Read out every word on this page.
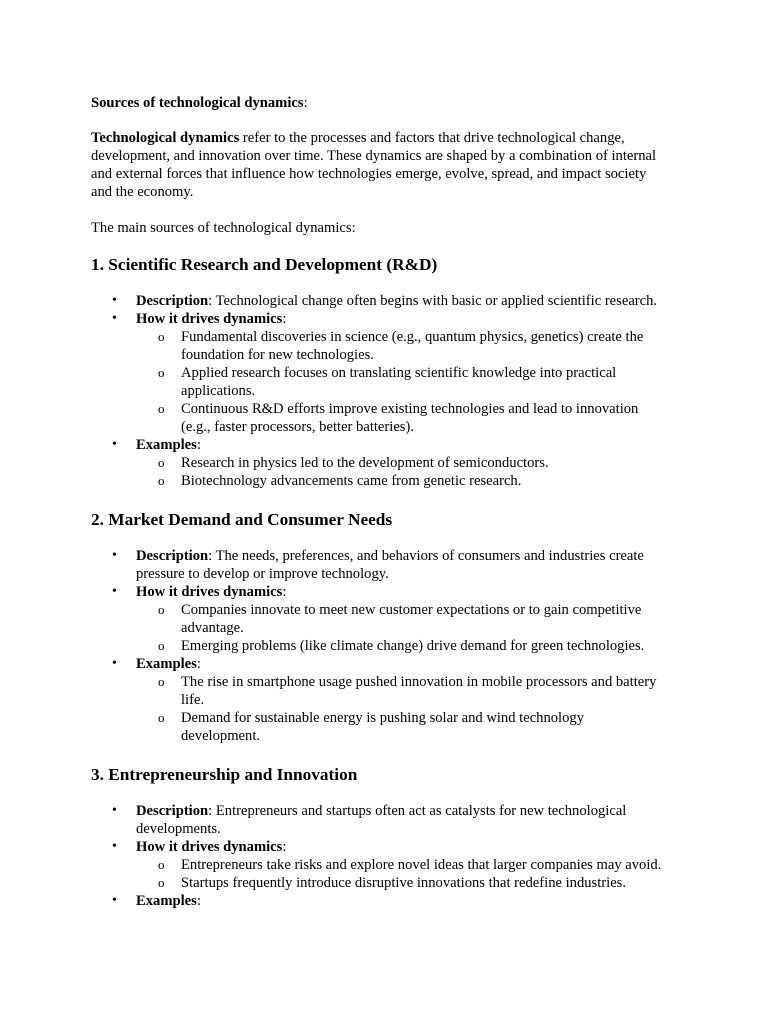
Sources of technological dynamics:
Technological dynamics refer to the processes and factors that drive technological change,
development, and innovation over time. These dynamics are shaped by a combination of internal
and external forces that influence how technologies emerge, evolve, spread, and impact society
and the economy.
The main sources of technological dynamics:
1. Scientific Research and Development (R&D)
• Description: Technological change often begins with basic or applied scientific research.
• How it drives dynamics:
o Fundamental discoveries in science (e.g., quantum physics, genetics) create the
foundation for new technologies.
o Applied research focuses on translating scientific knowledge into practical
applications.
o Continuous R&D efforts improve existing technologies and lead to innovation
(e.g., faster processors, better batteries).
• Examples:
o Research in physics led to the development of semiconductors.
o Biotechnology advancements came from genetic research.
2. Market Demand and Consumer Needs
• Description: The needs, preferences, and behaviors of consumers and industries create
pressure to develop or improve technology.
• How it drives dynamics:
o Companies innovate to meet new customer expectations or to gain competitive
advantage.
o Emerging problems (like climate change) drive demand for green technologies.
• Examples:
o The rise in smartphone usage pushed innovation in mobile processors and battery
life.
o Demand for sustainable energy is pushing solar and wind technology
development.
3. Entrepreneurship and Innovation
• Description: Entrepreneurs and startups often act as catalysts for new technological
developments.
• How it drives dynamics:
o Entrepreneurs take risks and explore novel ideas that larger companies may avoid.
o Startups frequently introduce disruptive innovations that redefine industries.
• Examples:
